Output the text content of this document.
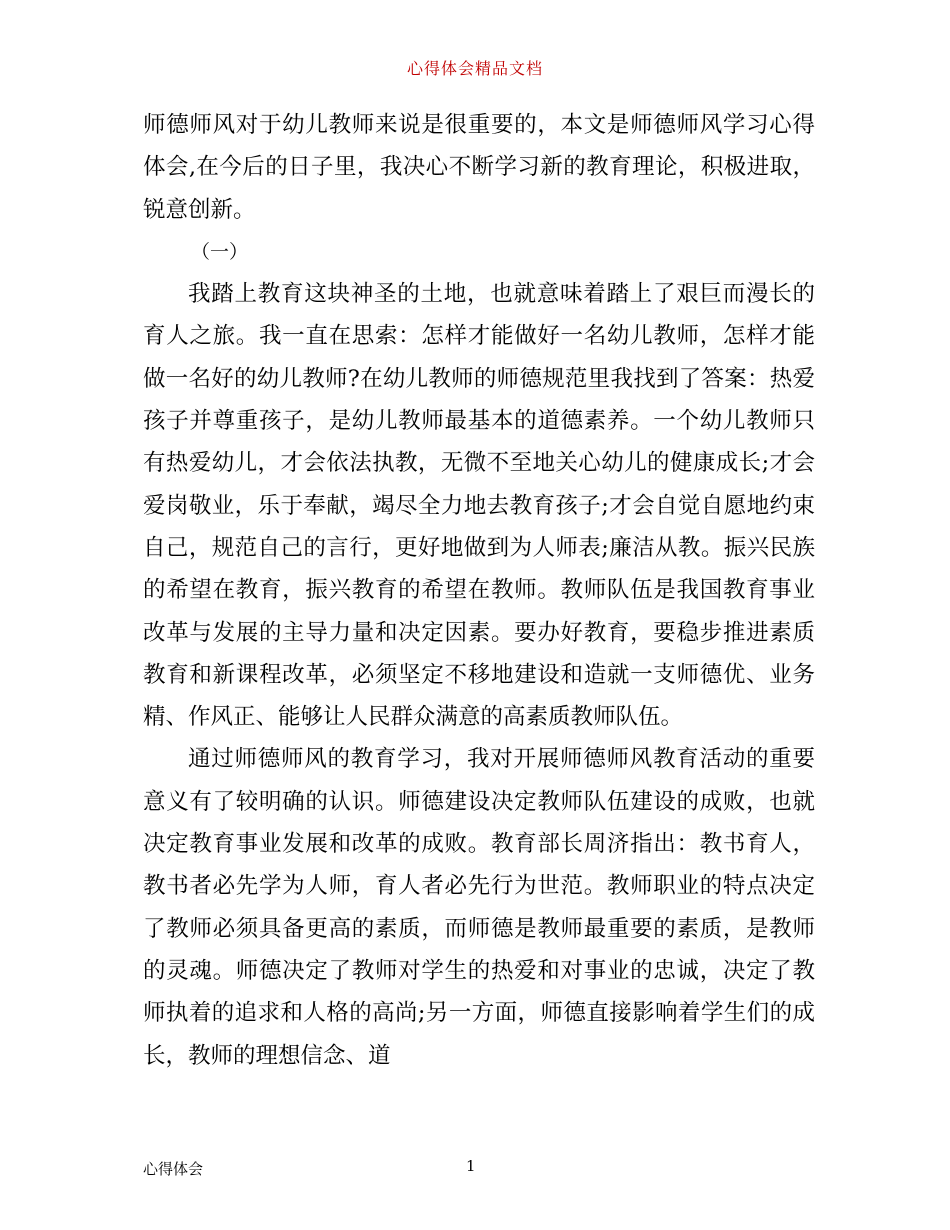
心得体会精品文档

师德师风对于幼儿教师来说是很重要的，本文是师德师风学习心得体会,在今后的日子里，我决心不断学习新的教育理论，积极进取，锐意创新。

（一）

我踏上教育这块神圣的土地，也就意味着踏上了艰巨而漫长的育人之旅。我一直在思索：怎样才能做好一名幼儿教师，怎样才能做一名好的幼儿教师?在幼儿教师的师德规范里我找到了答案：热爱孩子并尊重孩子，是幼儿教师最基本的道德素养。一个幼儿教师只有热爱幼儿，才会依法执教，无微不至地关心幼儿的健康成长;才会爱岗敬业，乐于奉献，竭尽全力地去教育孩子;才会自觉自愿地约束自己，规范自己的言行，更好地做到为人师表;廉洁从教。振兴民族的希望在教育，振兴教育的希望在教师。教师队伍是我国教育事业改革与发展的主导力量和决定因素。要办好教育，要稳步推进素质教育和新课程改革，必须坚定不移地建设和造就一支师德优、业务精、作风正、能够让人民群众满意的高素质教师队伍。

通过师德师风的教育学习，我对开展师德师风教育活动的重要意义有了较明确的认识。师德建设决定教师队伍建设的成败，也就决定教育事业发展和改革的成败。教育部长周济指出：教书育人，教书者必先学为人师，育人者必先行为世范。教师职业的特点决定了教师必须具备更高的素质，而师德是教师最重要的素质，是教师的灵魂。师德决定了教师对学生的热爱和对事业的忠诚，决定了教师执着的追求和人格的高尚;另一方面，师德直接影响着学生们的成长，教师的理想信念、道

心得体会	1
